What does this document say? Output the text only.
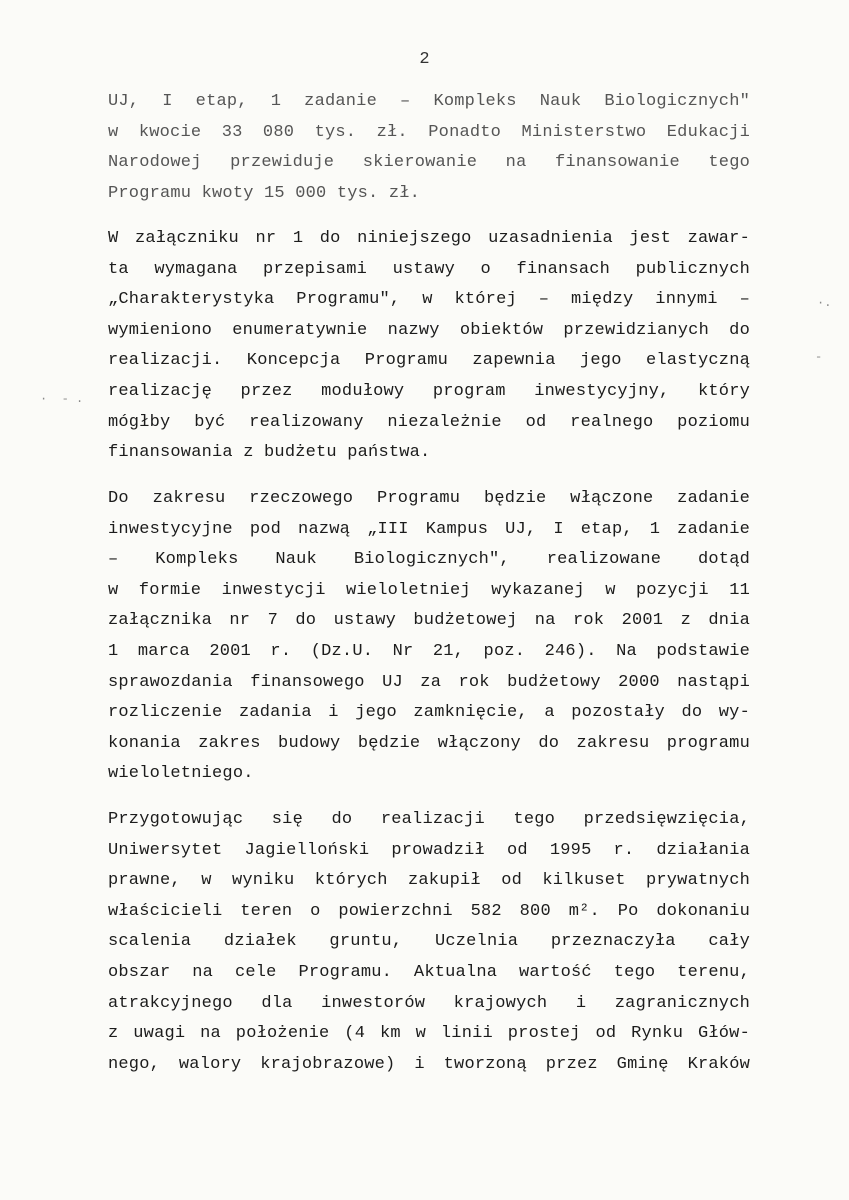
2
UJ, I etap, 1 zadanie – Kompleks Nauk Biologicznych"
w kwocie 33 080 tys. zł. Ponadto Ministerstwo Edukacji
Narodowej przewiduje skierowanie na finansowanie tego
Programu kwoty 15 000 tys. zł.
W załączniku nr 1 do niniejszego uzasadnienia jest zawar-
ta wymagana przepisami ustawy o finansach publicznych
„Charakterystyka Programu", w której – między innymi –
wymieniono enumeratywnie nazwy obiektów przewidzianych do
realizacji. Koncepcja Programu zapewnia jego elastyczną
realizację przez modułowy program inwestycyjny, który
mógłby być realizowany niezależnie od realnego poziomu
finansowania z budżetu państwa.
Do zakresu rzeczowego Programu będzie włączone zadanie
inwestycyjne pod nazwą „III Kampus UJ, I etap, 1 zadanie
– Kompleks Nauk Biologicznych", realizowane dotąd
w formie inwestycji wieloletniej wykazanej w pozycji 11
załącznika nr 7 do ustawy budżetowej na rok 2001 z dnia
1 marca 2001 r. (Dz.U. Nr 21, poz. 246). Na podstawie
sprawozdania finansowego UJ za rok budżetowy 2000 nastąpi
rozliczenie zadania i jego zamknięcie, a pozostały do wy-
konania zakres budowy będzie włączony do zakresu programu
wieloletniego.
Przygotowując się do realizacji tego przedsięwzięcia,
Uniwersytet Jagielloński prowadził od 1995 r. działania
prawne, w wyniku których zakupił od kilkuset prywatnych
właścicieli teren o powierzchni 582 800 m². Po dokonaniu
scalenia działek gruntu, Uczelnia przeznaczyła cały
obszar na cele Programu. Aktualna wartość tego terenu,
atrakcyjnego dla inwestorów krajowych i zagranicznych
z uwagi na położenie (4 km w linii prostej od Rynku Głów-
nego, walory krajobrazowe) i tworzoną przez Gminę Kraków
·.
-
·  - .
